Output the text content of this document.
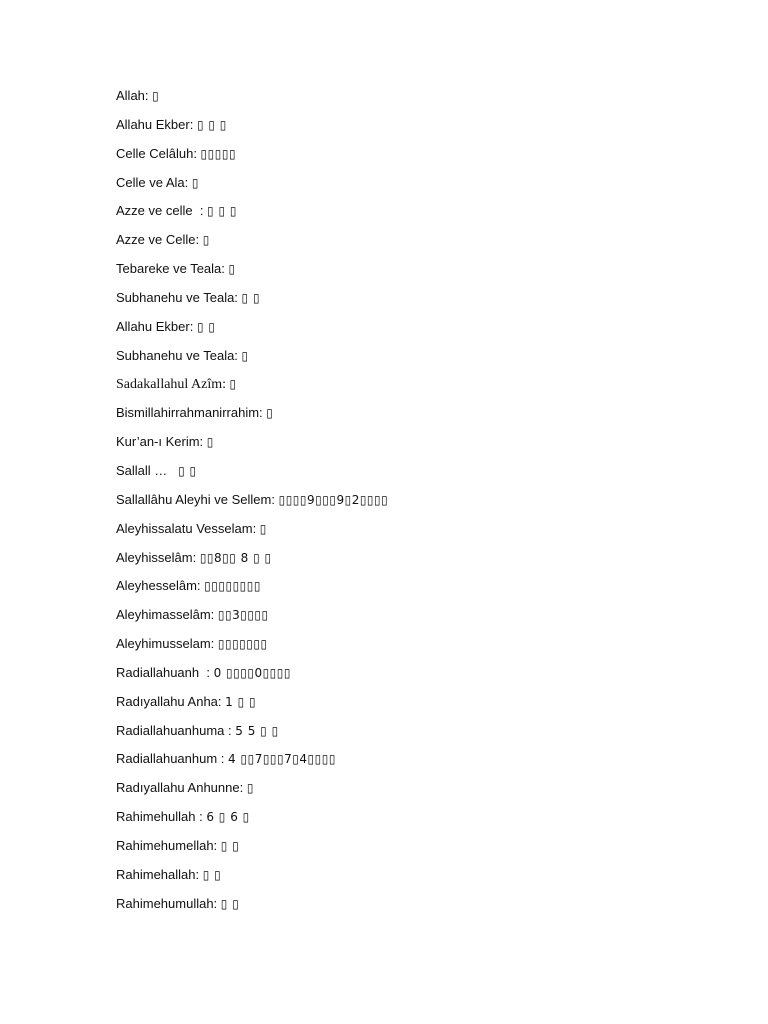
Allah: ▯
Allahu Ekber: ▯ ▯ ▯
Celle Celâluh: ▯▯▯▯▯
Celle ve Ala: ▯
Azze ve celle  : ▯ ▯ ▯
Azze ve Celle: ▯
Tebareke ve Teala: ▯
Subhanehu ve Teala: ▯ ▯
Allahu Ekber: ▯ ▯
Subhanehu ve Teala: ▯
Sadakallahul Azîm: ▯
Bismillahirrahmanirrahim: ▯
Kur’an-ı Kerim: ▯
Sallall …   ▯ ▯
Sallallâhu Aleyhi ve Sellem: ▯▯▯▯9▯▯▯9▯2▯▯▯▯
Aleyhissalatu Vesselam: ▯
Aleyhisselâm: ▯▯8▯▯ 8 ▯ ▯
Aleyhesselâm: ▯▯▯▯▯▯▯▯
Aleyhimasselâm: ▯▯3▯▯▯▯
Aleyhimusselam: ▯▯▯▯▯▯▯
Radiallahuanh  : 0 ▯▯▯▯0▯▯▯▯
Radıyallahu Anha: 1 ▯ ▯
Radiallahuanhuma : 5 5 ▯ ▯
Radiallahuanhum : 4 ▯▯7▯▯▯7▯4▯▯▯▯
Radıyallahu Anhunne: ▯
Rahimehullah : 6 ▯ 6 ▯
Rahimehumellah: ▯ ▯
Rahimehallah: ▯ ▯
Rahimehumullah: ▯ ▯
